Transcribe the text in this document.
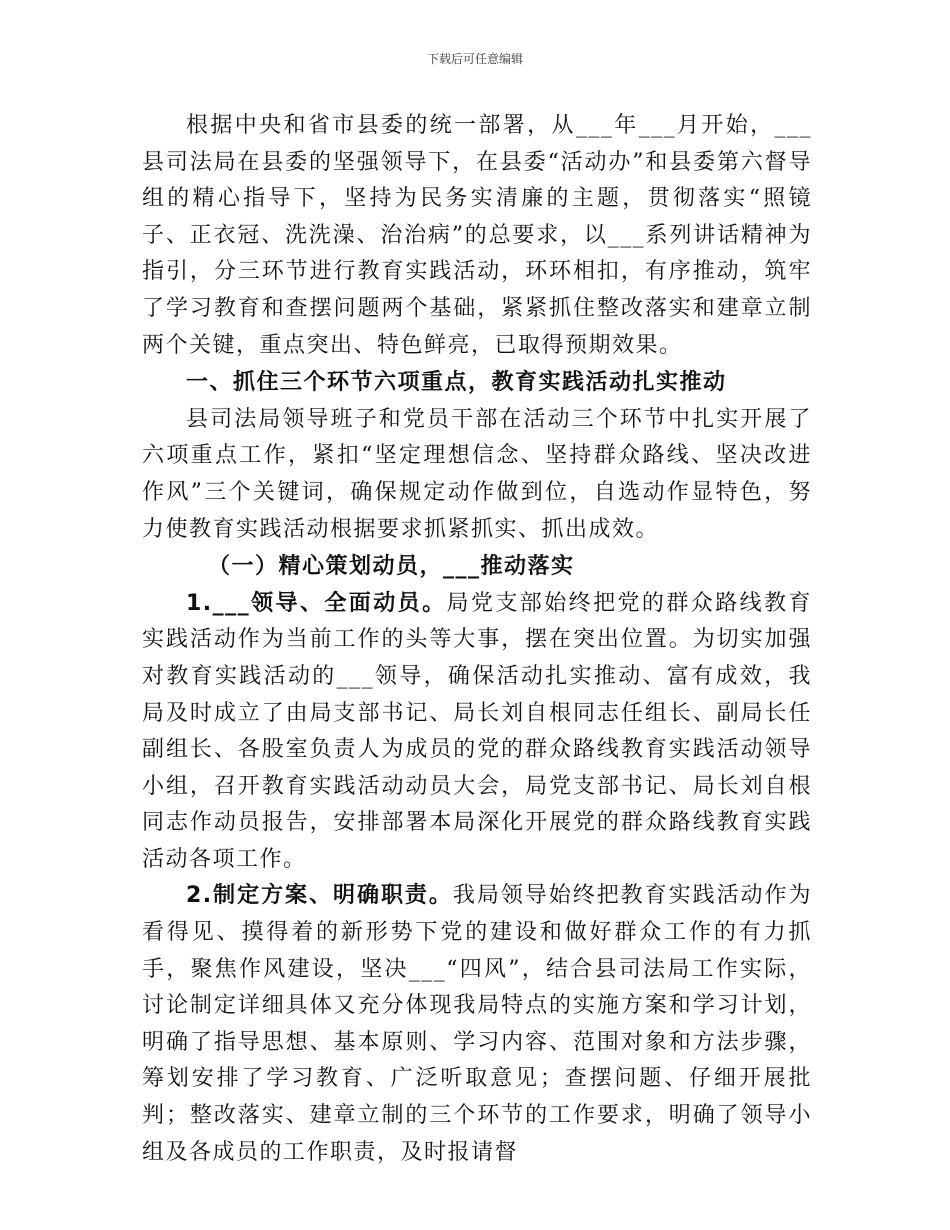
下载后可任意编辑

根据中央和省市县委的统一部署，从___年___月开始，___县司法局在县委的坚强领导下，在县委“活动办”和县委第六督导组的精心指导下，坚持为民务实清廉的主题，贯彻落实“照镜子、正衣冠、洗洗澡、治治病”的总要求，以___系列讲话精神为指引，分三环节进行教育实践活动，环环相扣，有序推动，筑牢了学习教育和查摆问题两个基础，紧紧抓住整改落实和建章立制两个关键，重点突出、特色鲜亮，已取得预期效果。

一、抓住三个环节六项重点，教育实践活动扎实推动

县司法局领导班子和党员干部在活动三个环节中扎实开展了六项重点工作，紧扣“坚定理想信念、坚持群众路线、坚决改进作风”三个关键词，确保规定动作做到位，自选动作显特色，努力使教育实践活动根据要求抓紧抓实、抓出成效。

（一）精心策划动员，___推动落实

1.___领导、全面动员。局党支部始终把党的群众路线教育实践活动作为当前工作的头等大事，摆在突出位置。为切实加强对教育实践活动的___领导，确保活动扎实推动、富有成效，我局及时成立了由局支部书记、局长刘自根同志任组长、副局长任副组长、各股室负责人为成员的党的群众路线教育实践活动领导小组，召开教育实践活动动员大会，局党支部书记、局长刘自根同志作动员报告，安排部署本局深化开展党的群众路线教育实践活动各项工作。

2.制定方案、明确职责。我局领导始终把教育实践活动作为看得见、摸得着的新形势下党的建设和做好群众工作的有力抓手，聚焦作风建设，坚决___“四风”，结合县司法局工作实际，讨论制定详细具体又充分体现我局特点的实施方案和学习计划，明确了指导思想、基本原则、学习内容、范围对象和方法步骤，筹划安排了学习教育、广泛听取意见；查摆问题、仔细开展批判；整改落实、建章立制的三个环节的工作要求，明确了领导小组及各成员的工作职责，及时报请督
